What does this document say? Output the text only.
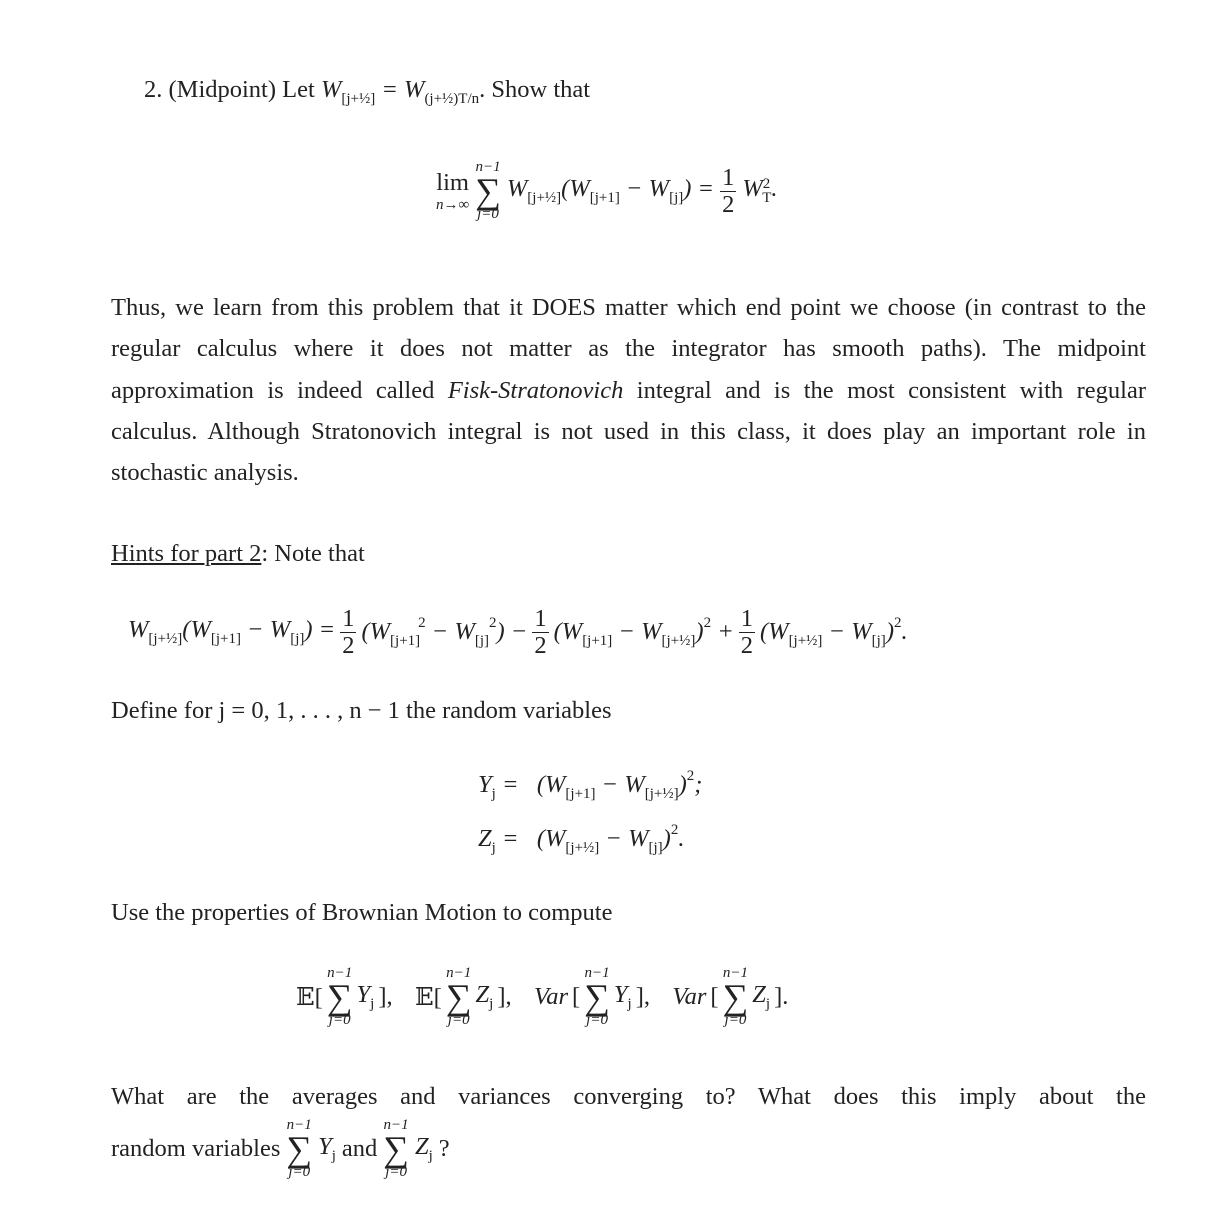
2. (Midpoint) Let $W_{[j+\frac{1}{2}]} = W_{(j+\frac{1}{2})T/n}$. Show that
lim
n→∞
n−1
∑
j=0
$W_{[j+\frac{1}{2}]}(W_{[j+1]} - W_{[j]}) = \frac{1}{2} W^2_T$.
Thus, we learn from this problem that it DOES matter which end point we choose (in contrast to the regular calculus where it does not matter as the integrator has smooth paths). The midpoint approximation is indeed called Fisk-Stratonovich integral and is the most consistent with regular calculus. Although Stratonovich integral is not used in this class, it does play an important role in stochastic analysis.
Hints for part 2: Note that
$W_{[j+\frac{1}{2}]}(W_{[j+1]} - W_{[j]}) = \frac{1}{2} (W_{[j+1]}^2 - W_{[j]}^2) - \frac{1}{2} (W_{[j+1]} - W_{[j+\frac{1}{2}]})^2 + \frac{1}{2} (W_{[j+\frac{1}{2}]} - W_{[j]})^2$.
Define for j = 0, 1, . . . , n − 1 the random variables
$Y_j = (W_{[j+1]} - W_{[j+\frac{1}{2}]})^2$;
$Z_j = (W_{[j+\frac{1}{2}]} - W_{[j]})^2$.
Use the properties of Brownian Motion to compute
𝔼[
n−1
∑
j=0
$Y_j$ ], 𝔼[
n−1
∑
j=0
$Z_j$ ], Var [
n−1
∑
j=0
$Y_j$ ], Var [
n−1
∑
j=0
$Z_j$ ].
What are the averages and variances converging to? What does this imply about the
random variables
n−1
∑
j=0
$Y_j$ and
n−1
∑
j=0
$Z_j$ ?
